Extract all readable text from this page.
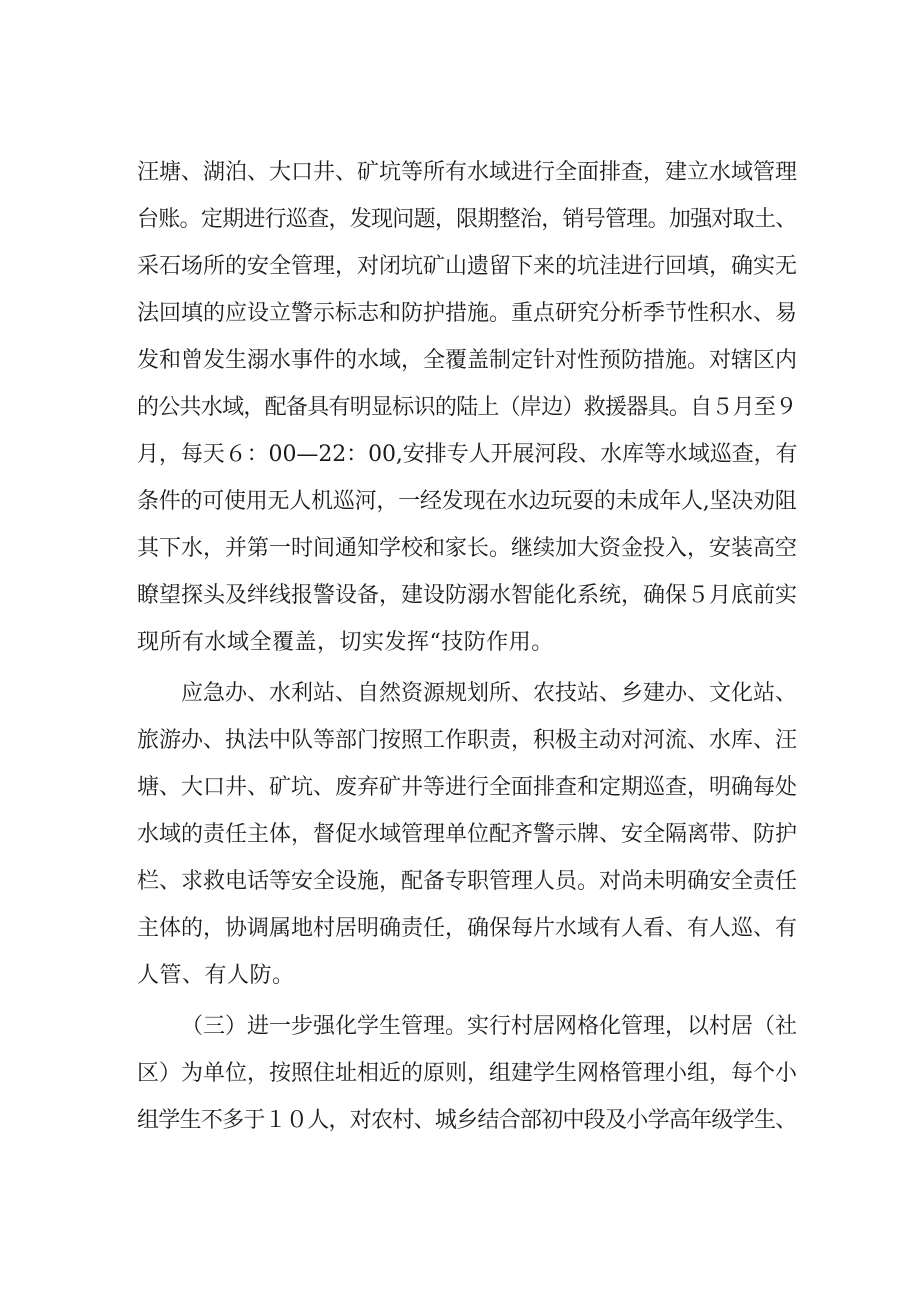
汪塘、湖泊、大口井、矿坑等所有水域进行全面排查，建立水域管理
台账。定期进行巡查，发现问题，限期整治，销号管理。加强对取土、
采石场所的安全管理，对闭坑矿山遗留下来的坑洼进行回填，确实无
法回填的应设立警示标志和防护措施。重点研究分析季节性积水、易
发和曾发生溺水事件的水域，全覆盖制定针对性预防措施。对辖区内
的公共水域，配备具有明显标识的陆上（岸边）救援器具。自５月至９
月，每天６：00—22：00,安排专人开展河段、水库等水域巡查，有
条件的可使用无人机巡河，一经发现在水边玩耍的未成年人,坚决劝阻
其下水，并第一时间通知学校和家长。继续加大资金投入，安装高空
瞭望探头及绊线报警设备，建设防溺水智能化系统，确保５月底前实
现所有水域全覆盖，切实发挥“技防作用。
应急办、水利站、自然资源规划所、农技站、乡建办、文化站、
旅游办、执法中队等部门按照工作职责，积极主动对河流、水库、汪
塘、大口井、矿坑、废弃矿井等进行全面排查和定期巡查，明确每处
水域的责任主体，督促水域管理单位配齐警示牌、安全隔离带、防护
栏、求救电话等安全设施，配备专职管理人员。对尚未明确安全责任
主体的，协调属地村居明确责任，确保每片水域有人看、有人巡、有
人管、有人防。
（三）进一步强化学生管理。实行村居网格化管理，以村居（社
区）为单位，按照住址相近的原则，组建学生网格管理小组，每个小
组学生不多于１０人，对农村、城乡结合部初中段及小学高年级学生、
